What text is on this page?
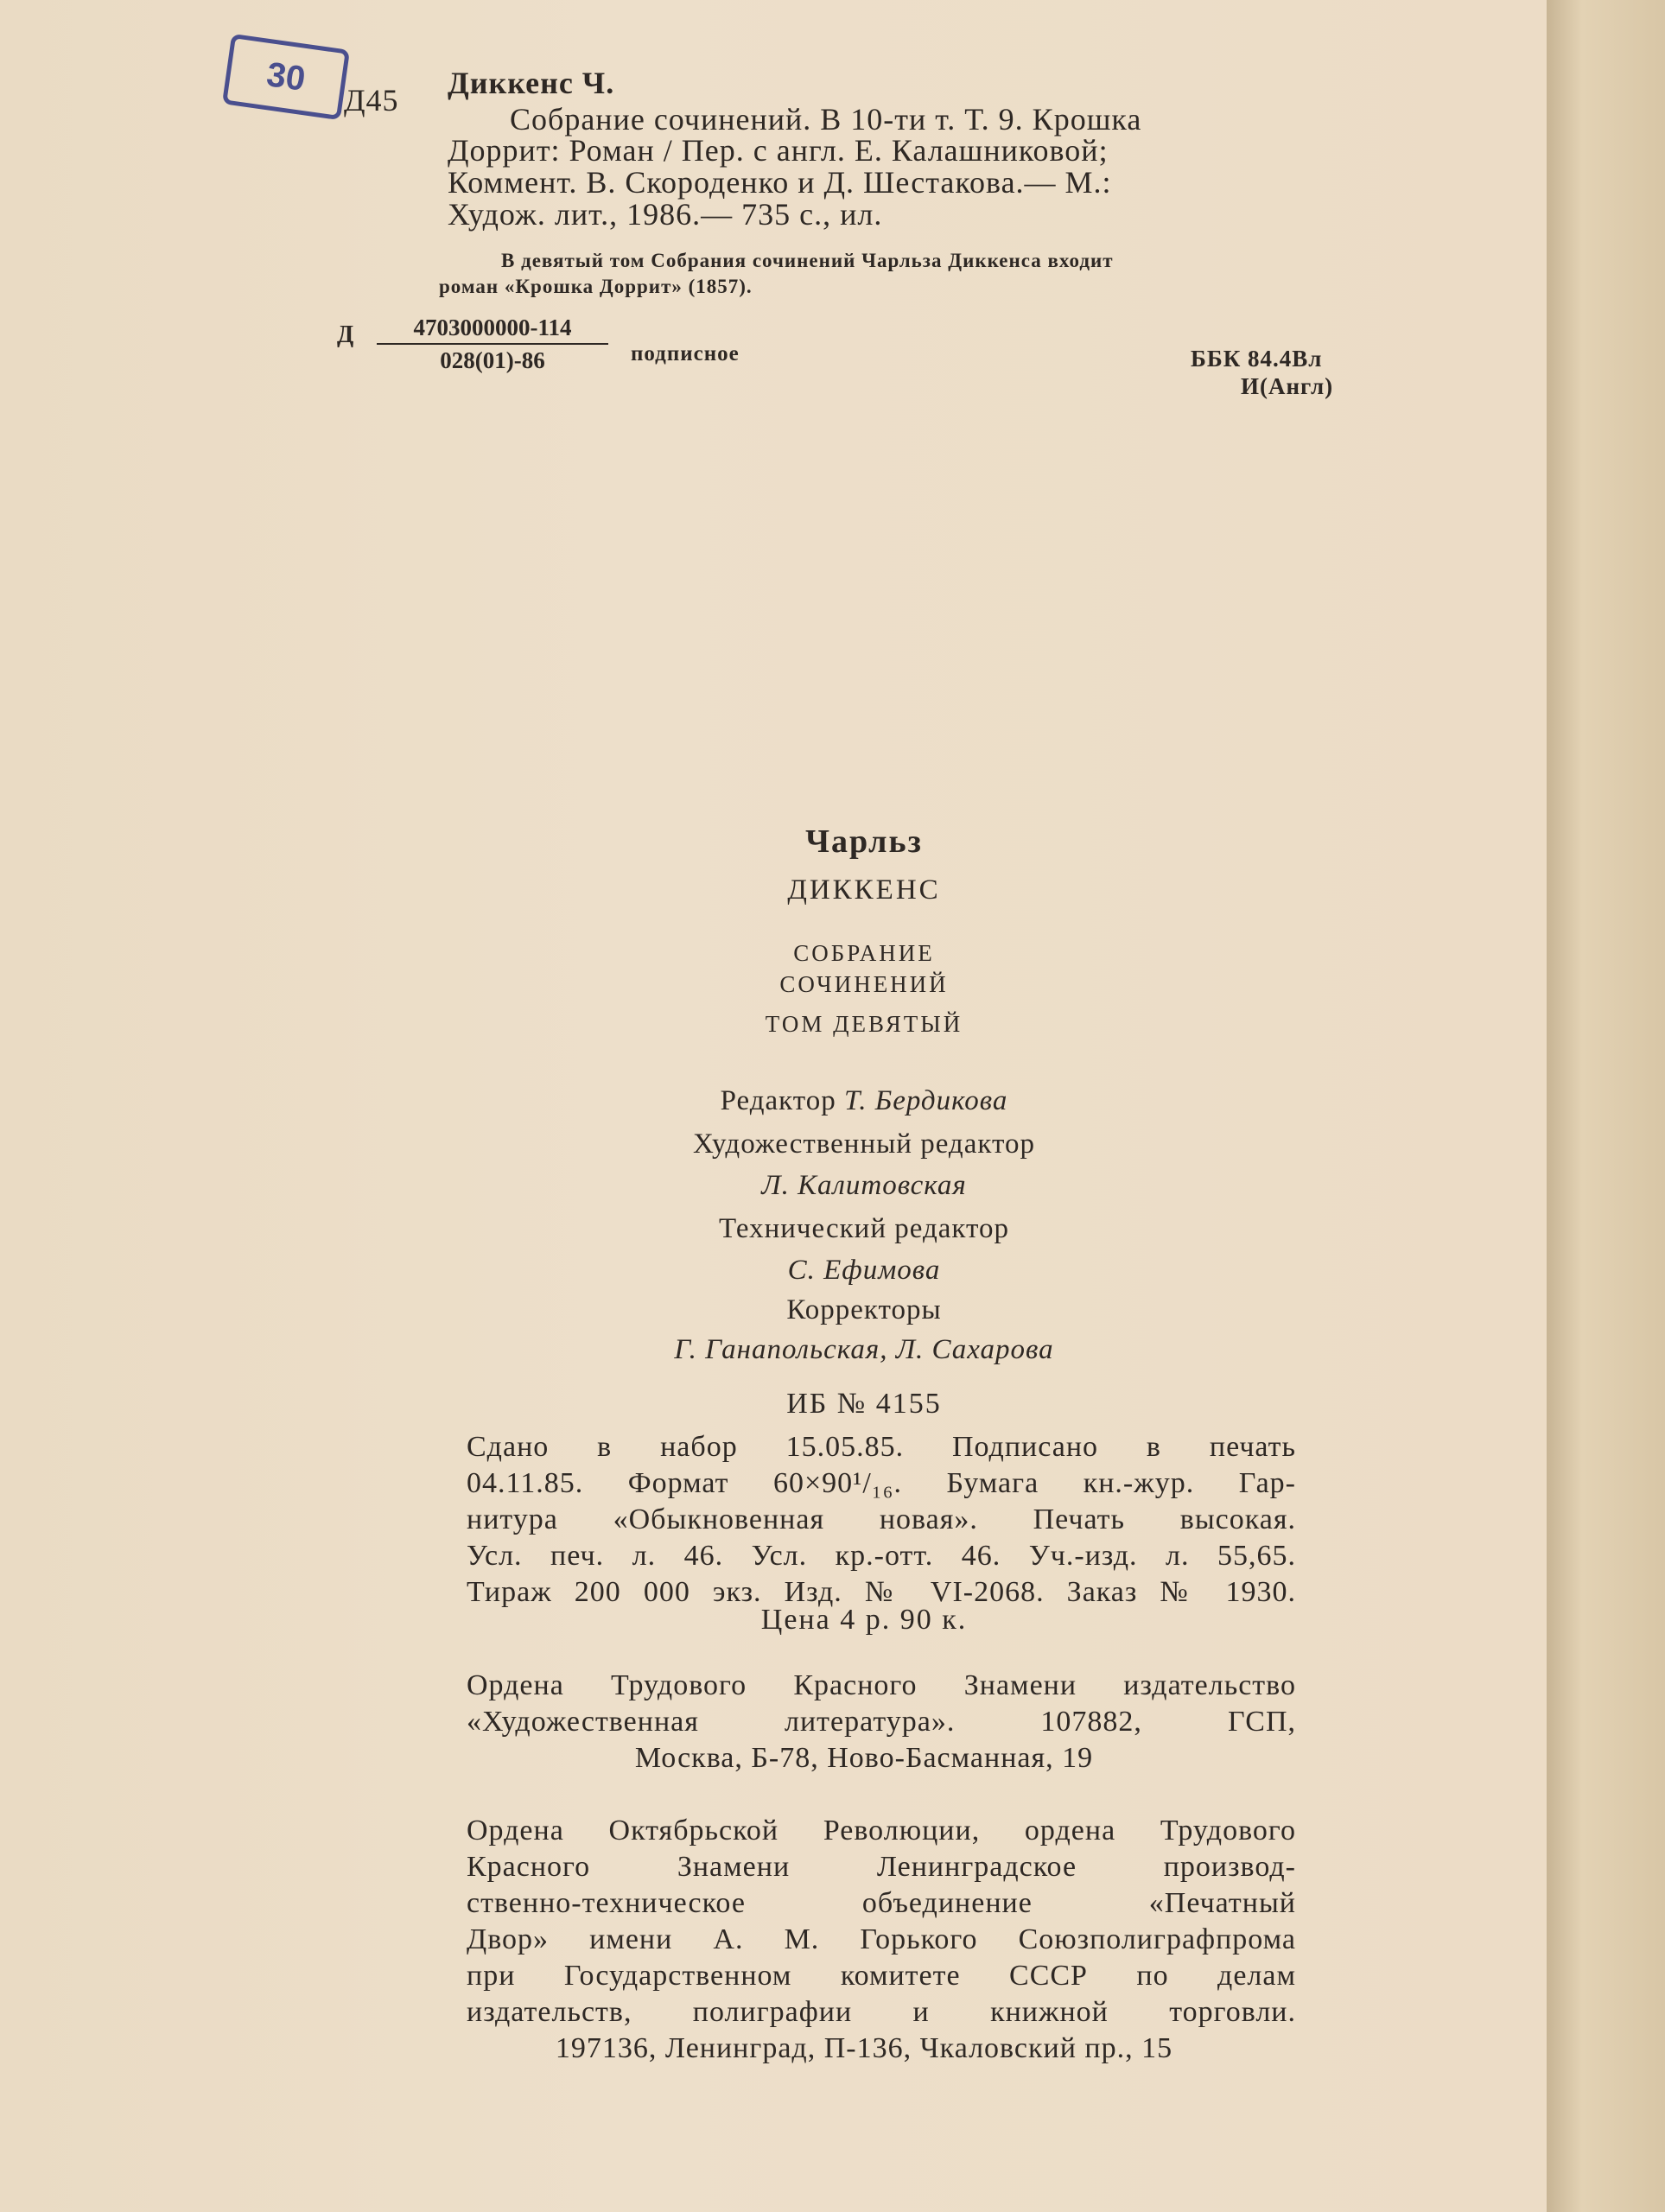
30
Д45 Диккенс Ч.
Собрание сочинений. В 10-ти т. Т. 9. Крошка
Доррит: Роман / Пер. с англ. Е. Калашниковой;
Коммент. В. Скороденко и Д. Шестакова.— М.:
Худож. лит., 1986.— 735 с., ил.
В девятый том Собрания сочинений Чарльза Диккенса входит
роман «Крошка Доррит» (1857).
Д	4703000000-114
028(01)-86	подписное	ББК 84.4Вл
И(Англ)
Чарльз
ДИККЕНС
СОБРАНИЕ
СОЧИНЕНИЙ
ТОМ ДЕВЯТЫЙ
Редактор Т. Бердикова
Художественный редактор
Л. Калитовская
Технический редактор
С. Ефимова
Корректоры
Г. Ганапольская, Л. Сахарова
ИБ № 4155
Сдано в набор 15.05.85. Подписано в печать
04.11.85. Формат 60×90¹/₁₆. Бумага кн.-жур. Гар-
нитура «Обыкновенная новая». Печать высокая.
Усл. печ. л. 46. Усл. кр.-отт. 46. Уч.-изд. л. 55,65.
Тираж 200 000 экз. Изд. № VI-2068. Заказ № 1930.
Цена 4 р. 90 к.
Ордена Трудового Красного Знамени издательство
«Художественная литература». 107882, ГСП,
Москва, Б-78, Ново-Басманная, 19
Ордена Октябрьской Революции, ордена Трудового
Красного Знамени Ленинградское производ-
ственно-техническое объединение «Печатный
Двор» имени А. М. Горького Союзполиграфпрома
при Государственном комитете СССР по делам
издательств, полиграфии и книжной торговли.
197136, Ленинград, П-136, Чкаловский пр., 15
